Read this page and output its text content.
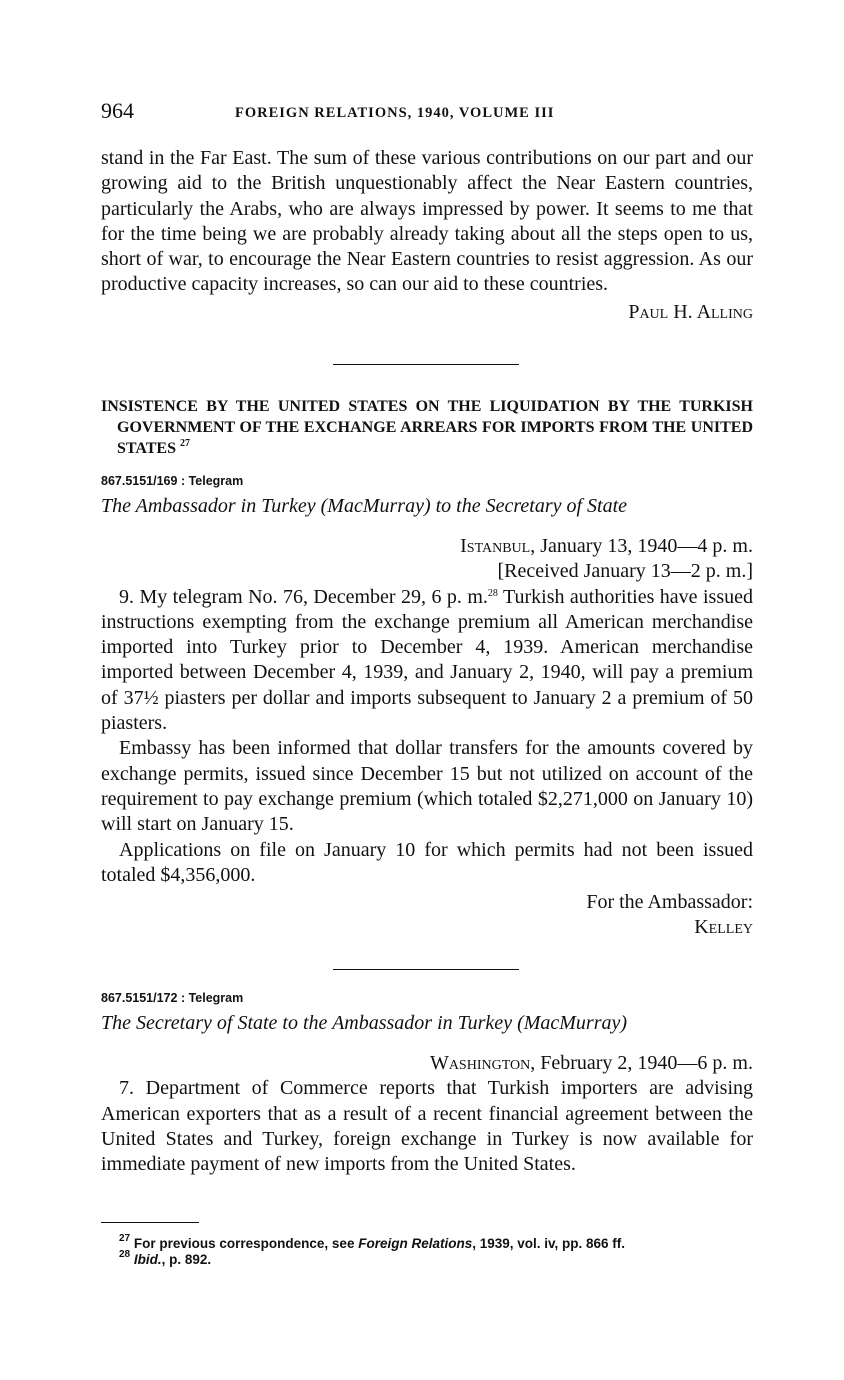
964	FOREIGN RELATIONS, 1940, VOLUME III

stand in the Far East. The sum of these various contributions on our part and our growing aid to the British unquestionably affect the Near Eastern countries, particularly the Arabs, who are always impressed by power. It seems to me that for the time being we are probably already taking about all the steps open to us, short of war, to encourage the Near Eastern countries to resist aggression. As our productive capacity increases, so can our aid to these countries.

Paul H. Alling

INSISTENCE BY THE UNITED STATES ON THE LIQUIDATION BY THE TURKISH GOVERNMENT OF THE EXCHANGE ARREARS FOR IMPORTS FROM THE UNITED STATES $^{27}$

867.5151/169 : Telegram

The Ambassador in Turkey (MacMurray) to the Secretary of State

Istanbul, January 13, 1940—4 p. m.

[Received January 13—2 p. m.]

9. My telegram No. 76, December 29, 6 p. m.$^{28}$ Turkish authorities have issued instructions exempting from the exchange premium all American merchandise imported into Turkey prior to December 4, 1939. American merchandise imported between December 4, 1939, and January 2, 1940, will pay a premium of 37½ piasters per dollar and imports subsequent to January 2 a premium of 50 piasters.

Embassy has been informed that dollar transfers for the amounts covered by exchange permits, issued since December 15 but not utilized on account of the requirement to pay exchange premium (which totaled $2,271,000 on January 10) will start on January 15.

Applications on file on January 10 for which permits had not been issued totaled $4,356,000.

For the Ambassador:

Kelley

867.5151/172 : Telegram

The Secretary of State to the Ambassador in Turkey (MacMurray)

Washington, February 2, 1940—6 p. m.

7. Department of Commerce reports that Turkish importers are advising American exporters that as a result of a recent financial agreement between the United States and Turkey, foreign exchange in Turkey is now available for immediate payment of new imports from the United States.

$^{27}$ For previous correspondence, see Foreign Relations, 1939, vol. iv, pp. 866 ff.

$^{28}$ Ibid., p. 892.
